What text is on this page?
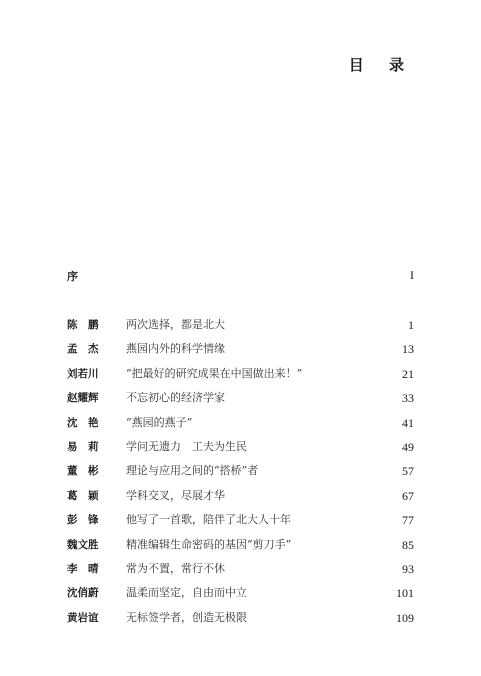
目 录
序	I
陈　鹏	两次选择，都是北大	1
孟　杰	燕园内外的科学情缘	13
刘若川	“把最好的研究成果在中国做出来！”	21
赵耀辉	不忘初心的经济学家	33
沈　艳	“燕园的燕子”	41
易　莉	学问无遗力　工夫为生民	49
董　彬	理论与应用之间的“搭桥”者	57
葛　颖	学科交叉，尽展才华	67
彭　锋	他写了一首歌，陪伴了北大人十年	77
魏文胜	精准编辑生命密码的基因“剪刀手”	85
李　晴	常为不置，常行不休	93
沈俏蔚	温柔而坚定，自由而中立	101
黄岩谊	无标签学者，创造无极限	109
